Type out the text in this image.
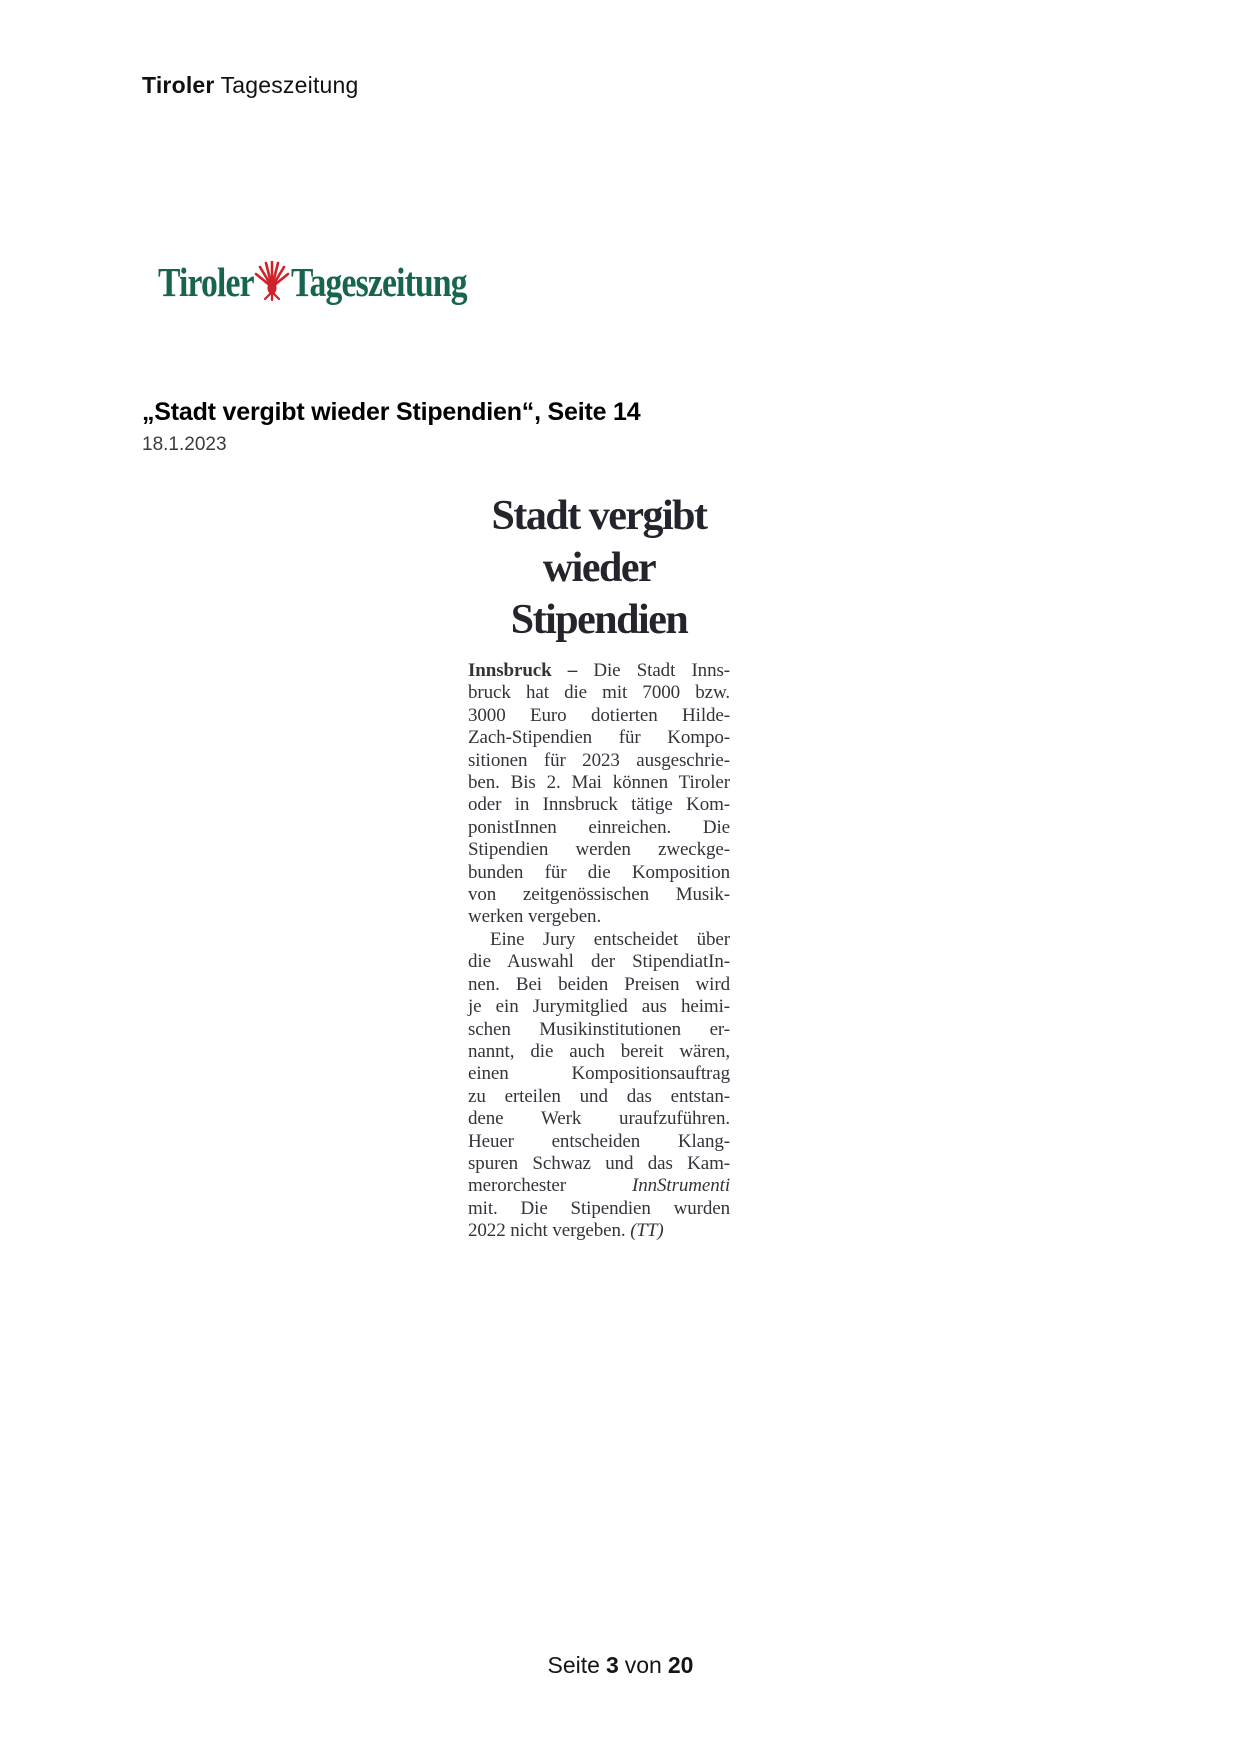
Tiroler Tageszeitung
Tiroler Tageszeitung
„Stadt vergibt wieder Stipendien“, Seite 14
18.1.2023
Stadt vergibt
wieder
Stipendien
Innsbruck – Die Stadt Inns-
bruck hat die mit 7000 bzw.
3000 Euro dotierten Hilde-
Zach-Stipendien für Kompo-
sitionen für 2023 ausgeschrie-
ben. Bis 2. Mai können Tiroler
oder in Innsbruck tätige Kom-
ponistInnen einreichen. Die
Stipendien werden zweckge-
bunden für die Komposition
von zeitgenössischen Musik-
werken vergeben.
Eine Jury entscheidet über
die Auswahl der StipendiatIn-
nen. Bei beiden Preisen wird
je ein Jurymitglied aus heimi-
schen Musikinstitutionen er-
nannt, die auch bereit wären,
einen Kompositionsauftrag
zu erteilen und das entstan-
dene Werk uraufzuführen.
Heuer entscheiden Klang-
spuren Schwaz und das Kam-
merorchester InnStrumenti
mit. Die Stipendien wurden
2022 nicht vergeben. (TT)
Seite 3 von 20
